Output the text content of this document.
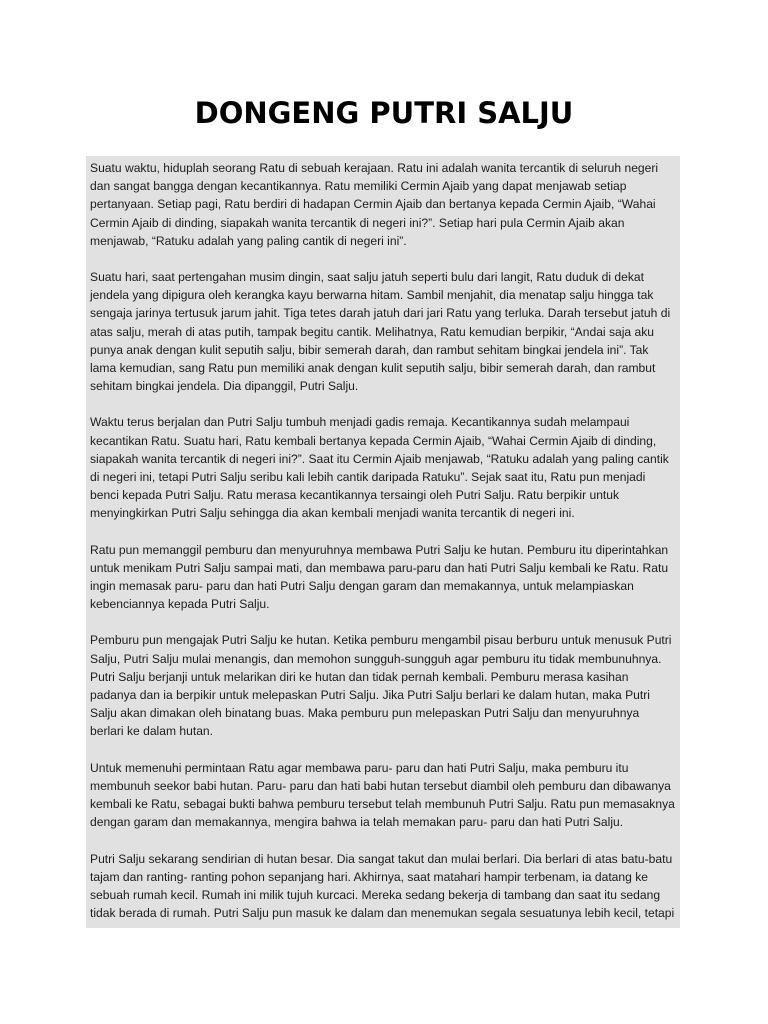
DONGENG PUTRI SALJU

Suatu waktu, hiduplah seorang Ratu di sebuah kerajaan. Ratu ini adalah wanita tercantik di seluruh negeri dan sangat bangga dengan kecantikannya. Ratu memiliki Cermin Ajaib yang dapat menjawab setiap pertanyaan. Setiap pagi, Ratu berdiri di hadapan Cermin Ajaib dan bertanya kepada Cermin Ajaib, “Wahai Cermin Ajaib di dinding, siapakah wanita tercantik di negeri ini?”. Setiap hari pula Cermin Ajaib akan menjawab, “Ratuku adalah yang paling cantik di negeri ini”.

Suatu hari, saat pertengahan musim dingin, saat salju jatuh seperti bulu dari langit, Ratu duduk di dekat jendela yang dipigura oleh kerangka kayu berwarna hitam. Sambil menjahit, dia menatap salju hingga tak sengaja jarinya tertusuk jarum jahit. Tiga tetes darah jatuh dari jari Ratu yang terluka. Darah tersebut jatuh di atas salju, merah di atas putih, tampak begitu cantik. Melihatnya, Ratu kemudian berpikir, “Andai saja aku punya anak dengan kulit seputih salju, bibir semerah darah, dan rambut sehitam bingkai jendela ini”. Tak lama kemudian, sang Ratu pun memiliki anak dengan kulit seputih salju, bibir semerah darah, dan rambut sehitam bingkai jendela. Dia dipanggil, Putri Salju.

Waktu terus berjalan dan Putri Salju tumbuh menjadi gadis remaja. Kecantikannya sudah melampaui kecantikan Ratu. Suatu hari, Ratu kembali bertanya kepada Cermin Ajaib, “Wahai Cermin Ajaib di dinding, siapakah wanita tercantik di negeri ini?”. Saat itu Cermin Ajaib menjawab, “Ratuku adalah yang paling cantik di negeri ini, tetapi Putri Salju seribu kali lebih cantik daripada Ratuku”. Sejak saat itu, Ratu pun menjadi benci kepada Putri Salju. Ratu merasa kecantikannya tersaingi oleh Putri Salju. Ratu berpikir untuk menyingkirkan Putri Salju sehingga dia akan kembali menjadi wanita tercantik di negeri ini.

Ratu pun memanggil pemburu dan menyuruhnya membawa Putri Salju ke hutan. Pemburu itu diperintahkan untuk menikam Putri Salju sampai mati, dan membawa paru-paru dan hati Putri Salju kembali ke Ratu. Ratu ingin memasak paru- paru dan hati Putri Salju dengan garam dan memakannya, untuk melampiaskan kebenciannya kepada Putri Salju.

Pemburu pun mengajak Putri Salju ke hutan. Ketika pemburu mengambil pisau berburu untuk menusuk Putri Salju, Putri Salju mulai menangis, dan memohon sungguh-sungguh agar pemburu itu tidak membunuhnya. Putri Salju berjanji untuk melarikan diri ke hutan dan tidak pernah kembali. Pemburu merasa kasihan padanya dan ia berpikir untuk melepaskan Putri Salju. Jika Putri Salju berlari ke dalam hutan, maka Putri Salju akan dimakan oleh binatang buas. Maka pemburu pun melepaskan Putri Salju dan menyuruhnya berlari ke dalam hutan.

Untuk memenuhi permintaan Ratu agar membawa paru- paru dan hati Putri Salju, maka pemburu itu membunuh seekor babi hutan. Paru- paru dan hati babi hutan tersebut diambil oleh pemburu dan dibawanya kembali ke Ratu, sebagai bukti bahwa pemburu tersebut telah membunuh Putri Salju. Ratu pun memasaknya dengan garam dan memakannya, mengira bahwa ia telah memakan paru- paru dan hati Putri Salju.

Putri Salju sekarang sendirian di hutan besar. Dia sangat takut dan mulai berlari. Dia berlari di atas batu-batu tajam dan ranting- ranting pohon sepanjang hari. Akhirnya, saat matahari hampir terbenam, ia datang ke sebuah rumah kecil. Rumah ini milik tujuh kurcaci. Mereka sedang bekerja di tambang dan saat itu sedang tidak berada di rumah. Putri Salju pun masuk ke dalam dan menemukan segala sesuatunya lebih kecil, tetapi
